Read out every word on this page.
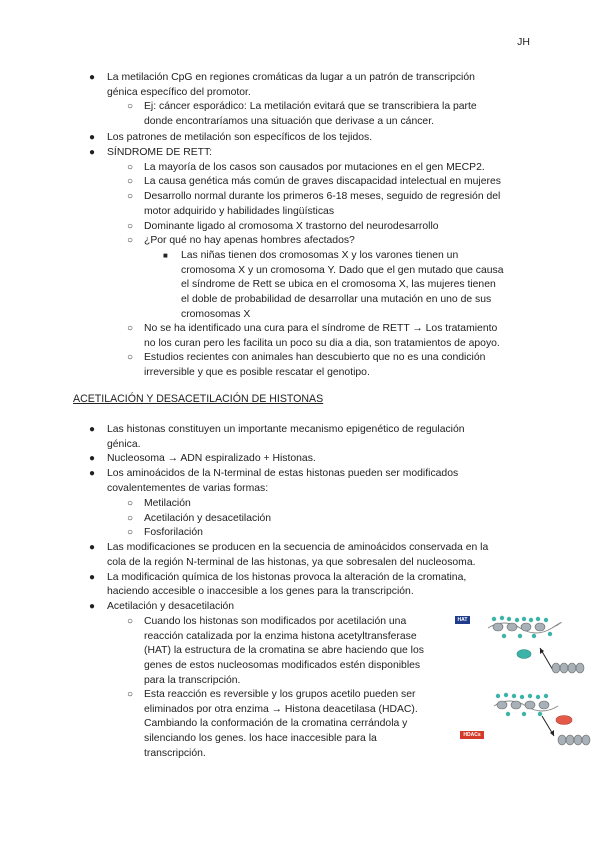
JH
● La metilación CpG en regiones cromáticas da lugar a un patrón de transcripción
génica específico del promotor.
○ Ej: cáncer esporádico: La metilación evitará que se transcribiera la parte
donde encontraríamos una situación que derivase a un cáncer.
● Los patrones de metilación son específicos de los tejidos.
● SÍNDROME DE RETT:
○ La mayoría de los casos son causados por mutaciones en el gen MECP2.
○ La causa genética más común de graves discapacidad intelectual en mujeres
○ Desarrollo normal durante los primeros 6-18 meses, seguido de regresión del
motor adquirido y habilidades lingüísticas
○ Dominante ligado al cromosoma X trastorno del neurodesarrollo
○ ¿Por qué no hay apenas hombres afectados?
■ Las niñas tienen dos cromosomas X y los varones tienen un
cromosoma X y un cromosoma Y. Dado que el gen mutado que causa
el síndrome de Rett se ubica en el cromosoma X, las mujeres tienen
el doble de probabilidad de desarrollar una mutación en uno de sus
cromosomas X
○ No se ha identificado una cura para el síndrome de RETT → Los tratamiento
no los curan pero les facilita un poco su dia a dia, son tratamientos de apoyo.
○ Estudios recientes con animales han descubierto que no es una condición
irreversible y que es posible rescatar el genotipo.
ACETILACIÓN Y DESACETILACIÓN DE HISTONAS
● Las histonas constituyen un importante mecanismo epigenético de regulación
génica.
● Nucleosoma → ADN espiralizado + Histonas.
● Los aminoácidos de la N-terminal de estas histonas pueden ser modificados
covalentementes de varias formas:
○ Metilación
○ Acetilación y desacetilación
○ Fosforilación
● Las modificaciones se producen en la secuencia de aminoácidos conservada en la
cola de la región N-terminal de las histonas, ya que sobresalen del nucleosoma.
● La modificación química de los histonas provoca la alteración de la cromatina,
haciendo accesible o inaccesible a los genes para la transcripción.
● Acetilación y desacetilación
○ Cuando los histonas son modificados por acetilación una
reacción catalizada por la enzima histona acetyltransferase
(HAT) la estructura de la cromatina se abre haciendo que los
genes de estos nucleosomas modificados estén disponibles
para la transcripción.
○ Esta reacción es reversible y los grupos acetilo pueden ser
eliminados por otra enzima → Histona deacetilasa (HDAC).
Cambiando la conformación de la cromatina cerrándola y
silenciando los genes. los hace inaccesible para la
transcripción.
HAT
HDACs
